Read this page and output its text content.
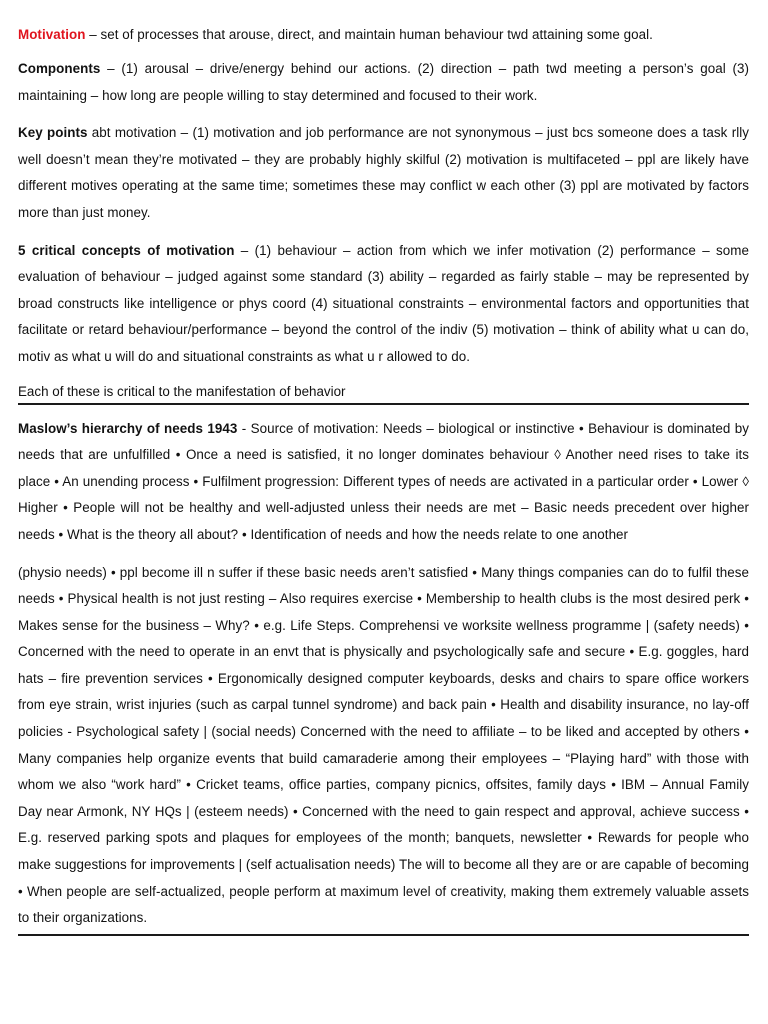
Motivation – set of processes that arouse, direct, and maintain human behaviour twd attaining some goal.

Components – (1) arousal – drive/energy behind our actions. (2) direction – path twd meeting a person’s goal (3) maintaining – how long are people willing to stay determined and focused to their work.

Key points abt motivation – (1) motivation and job performance are not synonymous – just bcs someone does a task rlly well doesn’t mean they’re motivated – they are probably highly skilful (2) motivation is multifaceted – ppl are likely have different motives operating at the same time; sometimes these may conflict w each other (3) ppl are motivated by factors more than just money.

5 critical concepts of motivation – (1) behaviour – action from which we infer motivation (2) performance – some evaluation of behaviour – judged against some standard (3) ability – regarded as fairly stable – may be represented by broad constructs like intelligence or phys coord (4) situational constraints – environmental factors and opportunities that facilitate or retard behaviour/performance – beyond the control of the indiv (5) motivation – think of ability what u can do, motiv as what u will do and situational constraints as what u r allowed to do.

Each of these is critical to the manifestation of behavior

Maslow’s hierarchy of needs 1943 - Source of motivation: Needs – biological or instinctive • Behaviour is dominated by needs that are unfulfilled • Once a need is satisfied, it no longer dominates behaviour ◊ Another need rises to take its place • An unending process • Fulfilment progression: Different types of needs are activated in a particular order • Lower ◊ Higher • People will not be healthy and well-adjusted unless their needs are met – Basic needs precedent over higher needs • What is the theory all about? • Identification of needs and how the needs relate to one another

(physio needs) • ppl become ill n suffer if these basic needs aren’t satisfied • Many things companies can do to fulfil these needs • Physical health is not just resting – Also requires exercise • Membership to health clubs is the most desired perk • Makes sense for the business – Why? • e.g. Life Steps. Comprehensi ve worksite wellness programme | (safety needs) • Concerned with the need to operate in an envt that is physically and psychologically safe and secure • E.g. goggles, hard hats – fire prevention services • Ergonomically designed computer keyboards, desks and chairs to spare office workers from eye strain, wrist injuries (such as carpal tunnel syndrome) and back pain • Health and disability insurance, no lay-off policies - Psychological safety | (social needs) Concerned with the need to affiliate – to be liked and accepted by others • Many companies help organize events that build camaraderie among their employees – “Playing hard” with those with whom we also “work hard” • Cricket teams, office parties, company picnics, offsites, family days • IBM – Annual Family Day near Armonk, NY HQs | (esteem needs) • Concerned with the need to gain respect and approval, achieve success • E.g. reserved parking spots and plaques for employees of the month; banquets, newsletter • Rewards for people who make suggestions for improvements | (self actualisation needs) The will to become all they are or are capable of becoming • When people are self-actualized, people perform at maximum level of creativity, making them extremely valuable assets to their organizations.
